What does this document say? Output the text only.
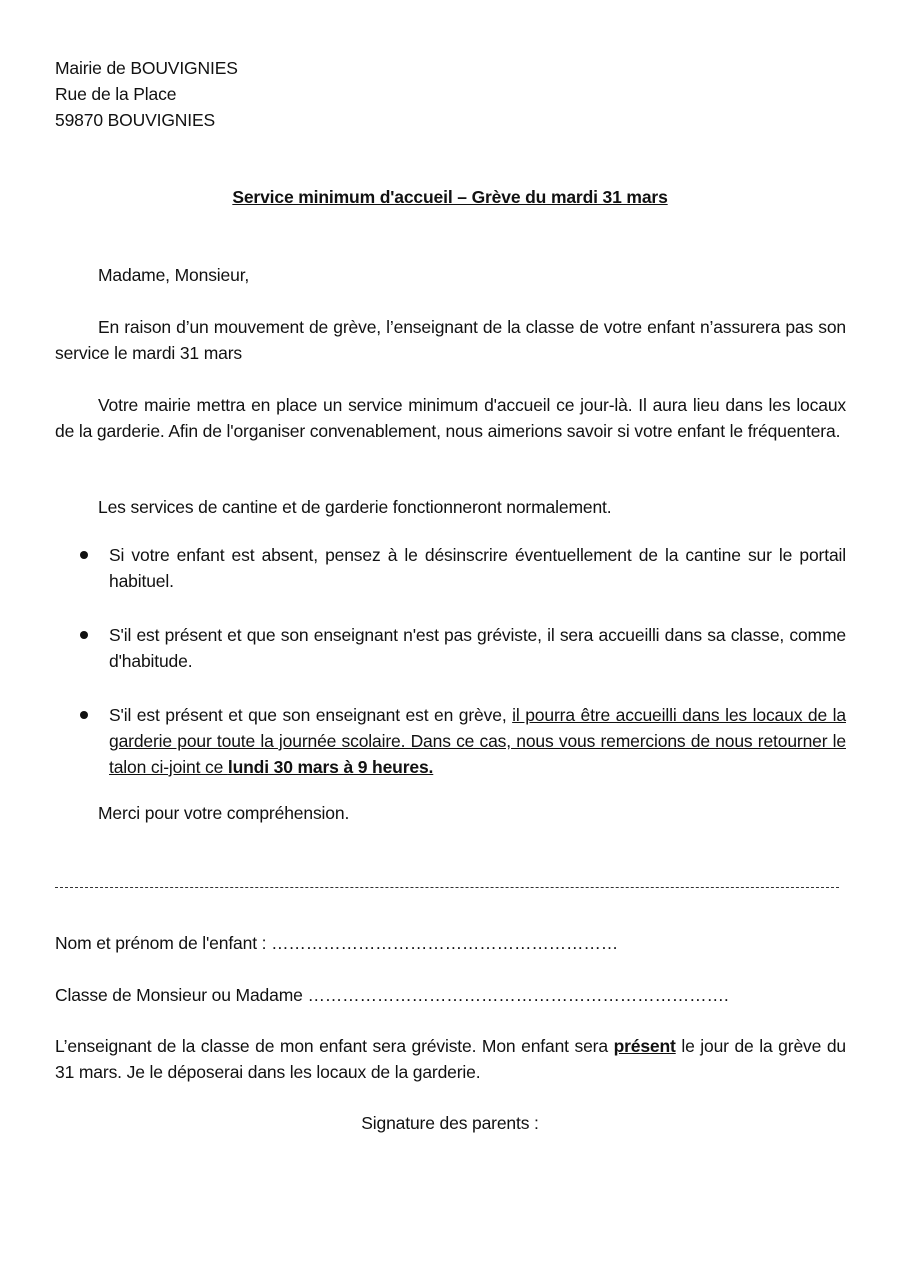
Mairie de BOUVIGNIES
Rue de la Place
59870 BOUVIGNIES
Service minimum d'accueil – Grève du mardi 31 mars
Madame, Monsieur,
En raison d’un mouvement de grève, l’enseignant de la classe de votre enfant n’assurera pas son service le mardi 31 mars
Votre mairie mettra en place un service minimum d'accueil ce jour-là. Il aura lieu dans les locaux de la garderie. Afin de l'organiser convenablement, nous aimerions savoir si votre enfant le fréquentera.
Les services de cantine et de garderie fonctionneront normalement.
Si votre enfant est absent, pensez à le désinscrire éventuellement de la cantine sur le portail habituel.
S'il est présent et que son enseignant n'est pas gréviste, il sera accueilli dans sa classe, comme d'habitude.
S'il est présent et que son enseignant est en grève, il pourra être accueilli dans les locaux de la garderie pour toute la journée scolaire. Dans ce cas, nous vous remercions de nous retourner le talon ci-joint ce lundi 30 mars à 9 heures.
Merci pour votre compréhension.
Nom et prénom de l'enfant : ……………………………………………………
Classe de Monsieur ou Madame ……………………………………………………………….
L’enseignant de la classe de mon enfant sera gréviste. Mon enfant sera présent le jour de la grève du 31 mars. Je le déposerai dans les locaux de la garderie.
Signature des parents :
